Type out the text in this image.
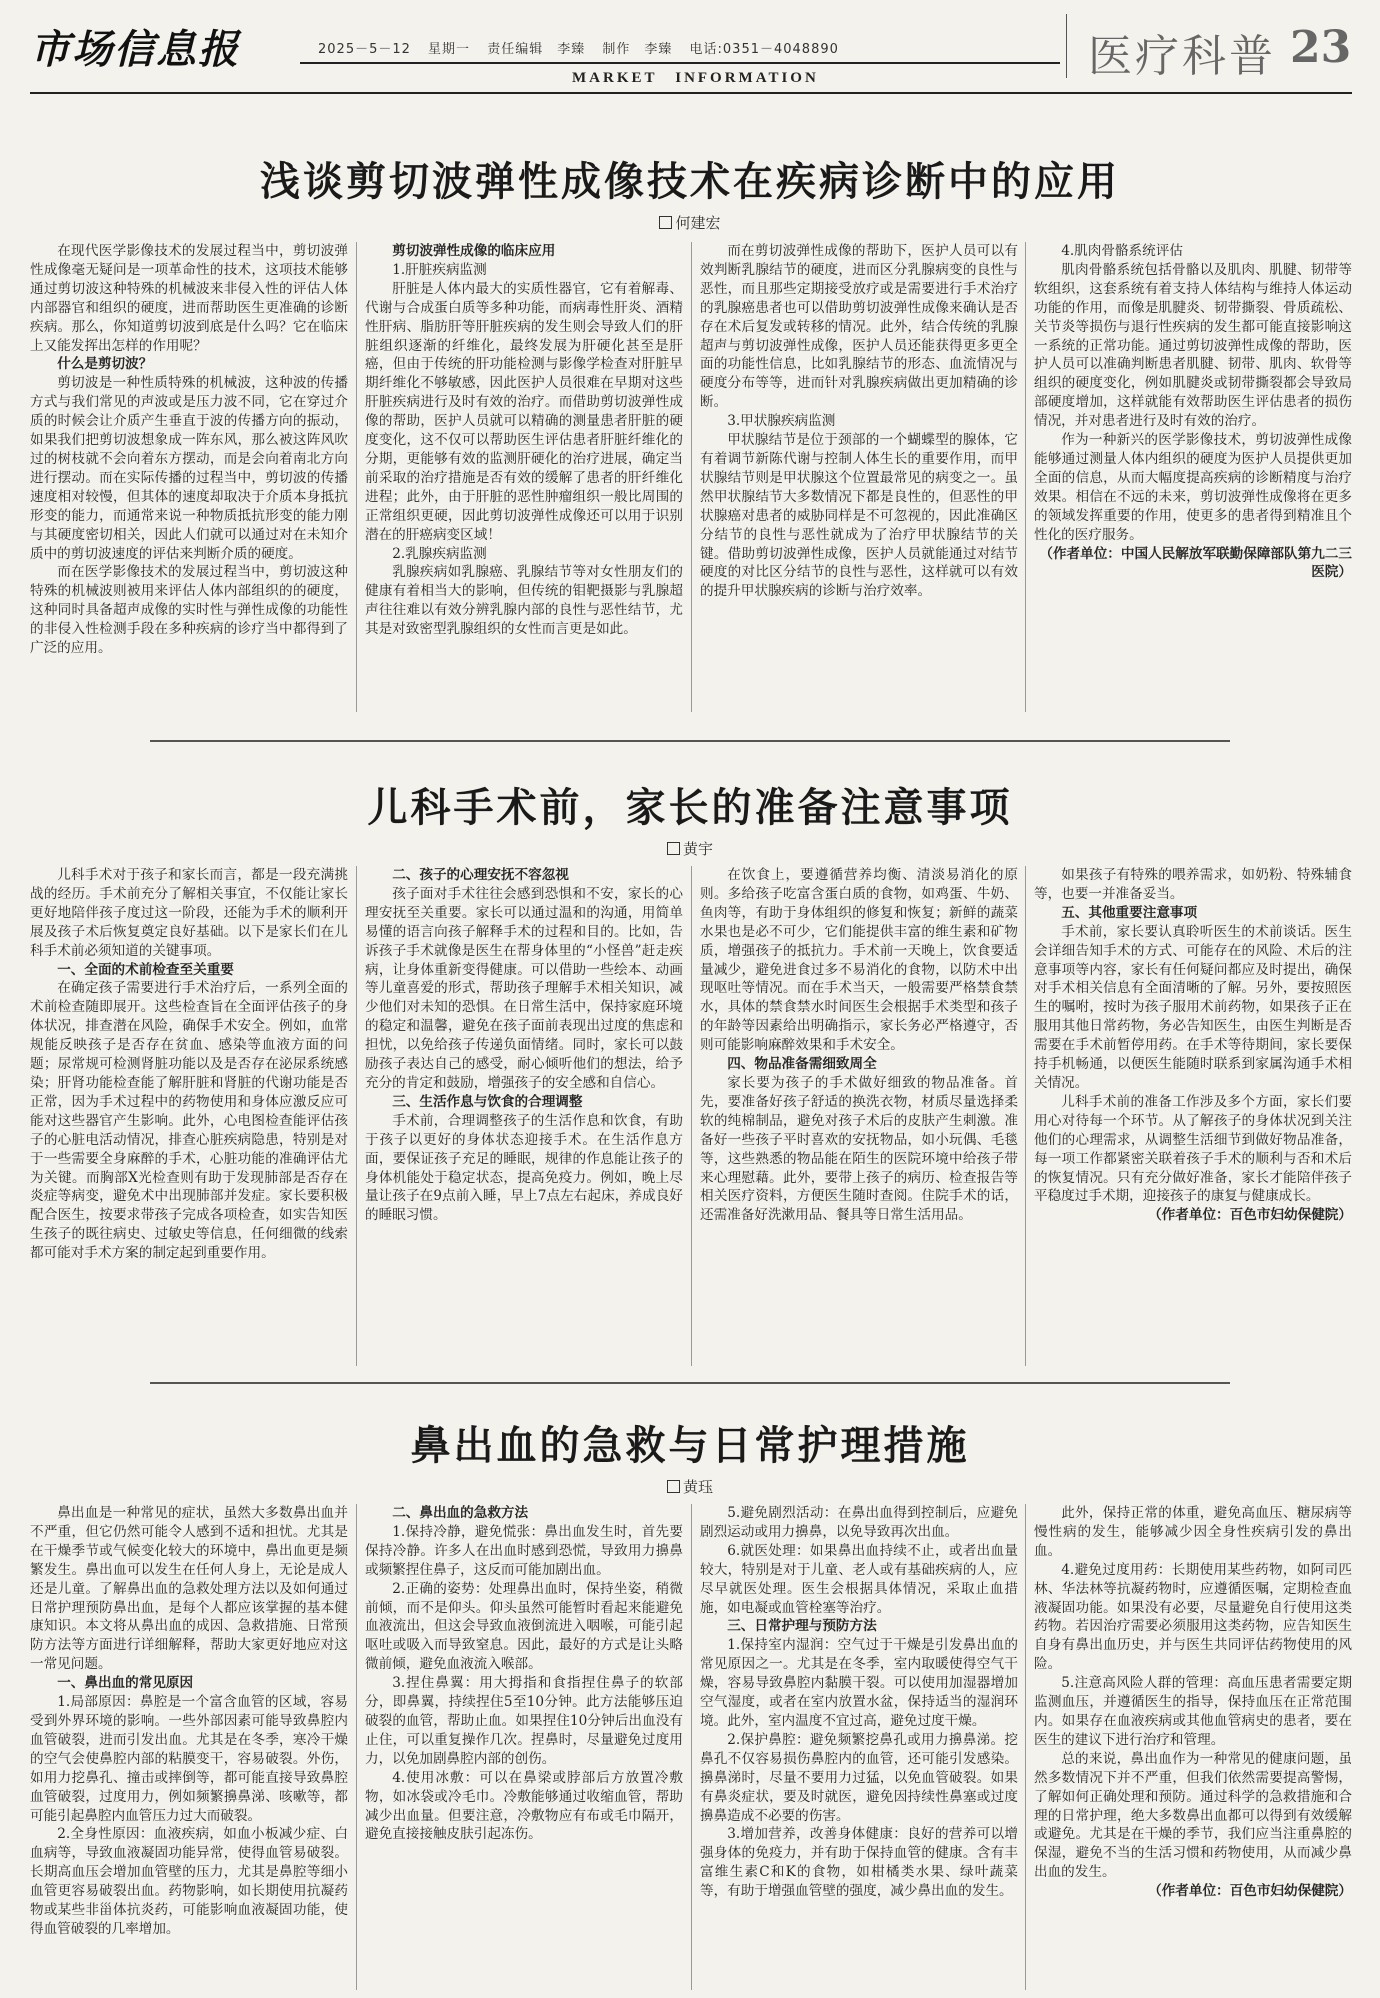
市场信息报	2025－5－12 星期一 责任编辑　李臻 制作　李臻 电话:0351－4048890
MARKET　INFORMATION	医疗科普 23
浅谈剪切波弹性成像技术在疾病诊断中的应用
何建宏

在现代医学影像技术的发展过程当中，剪切波弹性成像毫无疑问是一项革命性的技术，这项技术能够通过剪切波这种特殊的机械波来非侵入性的评估人体内部器官和组织的硬度，进而帮助医生更准确的诊断疾病。那么，你知道剪切波到底是什么吗？它在临床上又能发挥出怎样的作用呢？

什么是剪切波？

剪切波是一种性质特殊的机械波，这种波的传播方式与我们常见的声波或是压力波不同，它在穿过介质的时候会让介质产生垂直于波的传播方向的振动，如果我们把剪切波想象成一阵东风，那么被这阵风吹过的树枝就不会向着东方摆动，而是会向着南北方向进行摆动。而在实际传播的过程当中，剪切波的传播速度相对较慢，但其体的速度却取决于介质本身抵抗形变的能力，而通常来说一种物质抵抗形变的能力刚与其硬度密切相关，因此人们就可以通过对在未知介质中的剪切波速度的评估来判断介质的硬度。

而在医学影像技术的发展过程当中，剪切波这种特殊的机械波则被用来评估人体内部组织的的硬度，这种同时具备超声成像的实时性与弹性成像的功能性的非侵入性检测手段在多种疾病的诊疗当中都得到了广泛的应用。

剪切波弹性成像的临床应用

1.肝脏疾病监测

肝脏是人体内最大的实质性器官，它有着解毒、代谢与合成蛋白质等多种功能，而病毒性肝炎、酒精性肝病、脂肪肝等肝脏疾病的发生则会导致人们的肝脏组织逐渐的纤维化，最终发展为肝硬化甚至是肝癌，但由于传统的肝功能检测与影像学检查对肝脏早期纤维化不够敏感，因此医护人员很难在早期对这些肝脏疾病进行及时有效的治疗。而借助剪切波弹性成像的帮助，医护人员就可以精确的测量患者肝脏的硬度变化，这不仅可以帮助医生评估患者肝脏纤维化的分期，更能够有效的监测肝硬化的治疗进展，确定当前采取的治疗措施是否有效的缓解了患者的肝纤维化进程；此外，由于肝脏的恶性肿瘤组织一般比周围的正常组织更硬，因此剪切波弹性成像还可以用于识别潜在的肝癌病变区域！

2.乳腺疾病监测

乳腺疾病如乳腺癌、乳腺结节等对女性朋友们的健康有着相当大的影响，但传统的钼靶摄影与乳腺超声往往难以有效分辨乳腺内部的良性与恶性结节，尤其是对致密型乳腺组织的女性而言更是如此。

而在剪切波弹性成像的帮助下，医护人员可以有效判断乳腺结节的硬度，进而区分乳腺病变的良性与恶性，而且那些定期接受放疗或是需要进行手术治疗的乳腺癌患者也可以借助剪切波弹性成像来确认是否存在术后复发或转移的情况。此外，结合传统的乳腺超声与剪切波弹性成像，医护人员还能获得更多更全面的功能性信息，比如乳腺结节的形态、血流情况与硬度分布等等，进而针对乳腺疾病做出更加精确的诊断。

3.甲状腺疾病监测

甲状腺结节是位于颈部的一个蝴蝶型的腺体，它有着调节新陈代谢与控制人体生长的重要作用，而甲状腺结节则是甲状腺这个位置最常见的病变之一。虽然甲状腺结节大多数情况下都是良性的，但恶性的甲状腺癌对患者的威胁同样是不可忽视的，因此准确区分结节的良性与恶性就成为了治疗甲状腺结节的关键。借助剪切波弹性成像，医护人员就能通过对结节硬度的对比区分结节的良性与恶性，这样就可以有效的提升甲状腺疾病的诊断与治疗效率。

4.肌肉骨骼系统评估

肌肉骨骼系统包括骨骼以及肌肉、肌腱、韧带等软组织，这套系统有着支持人体结构与维持人体运动功能的作用，而像是肌腱炎、韧带撕裂、骨质疏松、关节炎等损伤与退行性疾病的发生都可能直接影响这一系统的正常功能。通过剪切波弹性成像的帮助，医护人员可以准确判断患者肌腱、韧带、肌肉、软骨等组织的硬度变化，例如肌腱炎或韧带撕裂都会导致局部硬度增加，这样就能有效帮助医生评估患者的损伤情况，并对患者进行及时有效的治疗。

作为一种新兴的医学影像技术，剪切波弹性成像能够通过测量人体内组织的硬度为医护人员提供更加全面的信息，从而大幅度提高疾病的诊断精度与治疗效果。相信在不远的未来，剪切波弹性成像将在更多的领域发挥重要的作用，使更多的患者得到精准且个性化的医疗服务。

（作者单位：中国人民解放军联勤保障部队第九二三医院）

儿科手术前，家长的准备注意事项
黄宇

儿科手术对于孩子和家长而言，都是一段充满挑战的经历。手术前充分了解相关事宜，不仅能让家长更好地陪伴孩子度过这一阶段，还能为手术的顺利开展及孩子术后恢复奠定良好基础。以下是家长们在儿科手术前必须知道的关键事项。

一、全面的术前检查至关重要

在确定孩子需要进行手术治疗后，一系列全面的术前检查随即展开。这些检查旨在全面评估孩子的身体状况，排查潜在风险，确保手术安全。例如，血常规能反映孩子是否存在贫血、感染等血液方面的问题；尿常规可检测肾脏功能以及是否存在泌尿系统感染；肝肾功能检查能了解肝脏和肾脏的代谢功能是否正常，因为手术过程中的药物使用和身体应激反应可能对这些器官产生影响。此外，心电图检查能评估孩子的心脏电活动情况，排查心脏疾病隐患，特别是对于一些需要全身麻醉的手术，心脏功能的准确评估尤为关键。而胸部X光检查则有助于发现肺部是否存在炎症等病变，避免术中出现肺部并发症。家长要积极配合医生，按要求带孩子完成各项检查，如实告知医生孩子的既往病史、过敏史等信息，任何细微的线索都可能对手术方案的制定起到重要作用。

二、孩子的心理安抚不容忽视

孩子面对手术往往会感到恐惧和不安，家长的心理安抚至关重要。家长可以通过温和的沟通，用简单易懂的语言向孩子解释手术的过程和目的。比如，告诉孩子手术就像是医生在帮身体里的“小怪兽”赶走疾病，让身体重新变得健康。可以借助一些绘本、动画等儿童喜爱的形式，帮助孩子理解手术相关知识，减少他们对未知的恐惧。在日常生活中，保持家庭环境的稳定和温馨，避免在孩子面前表现出过度的焦虑和担忧，以免给孩子传递负面情绪。同时，家长可以鼓励孩子表达自己的感受，耐心倾听他们的想法，给予充分的肯定和鼓励，增强孩子的安全感和自信心。

三、生活作息与饮食的合理调整

手术前，合理调整孩子的生活作息和饮食，有助于孩子以更好的身体状态迎接手术。在生活作息方面，要保证孩子充足的睡眠，规律的作息能让孩子的身体机能处于稳定状态，提高免疫力。例如，晚上尽量让孩子在9点前入睡，早上7点左右起床，养成良好的睡眠习惯。

在饮食上，要遵循营养均衡、清淡易消化的原则。多给孩子吃富含蛋白质的食物，如鸡蛋、牛奶、鱼肉等，有助于身体组织的修复和恢复；新鲜的蔬菜水果也是必不可少，它们能提供丰富的维生素和矿物质，增强孩子的抵抗力。手术前一天晚上，饮食要适量减少，避免进食过多不易消化的食物，以防术中出现呕吐等情况。而在手术当天，一般需要严格禁食禁水，具体的禁食禁水时间医生会根据手术类型和孩子的年龄等因素给出明确指示，家长务必严格遵守，否则可能影响麻醉效果和手术安全。

四、物品准备需细致周全

家长要为孩子的手术做好细致的物品准备。首先，要准备好孩子舒适的换洗衣物，材质尽量选择柔软的纯棉制品，避免对孩子术后的皮肤产生刺激。准备好一些孩子平时喜欢的安抚物品，如小玩偶、毛毯等，这些熟悉的物品能在陌生的医院环境中给孩子带来心理慰藉。此外，要带上孩子的病历、检查报告等相关医疗资料，方便医生随时查阅。住院手术的话，还需准备好洗漱用品、餐具等日常生活用品。

如果孩子有特殊的喂养需求，如奶粉、特殊辅食等，也要一并准备妥当。

五、其他重要注意事项

手术前，家长要认真聆听医生的术前谈话。医生会详细告知手术的方式、可能存在的风险、术后的注意事项等内容，家长有任何疑问都应及时提出，确保对手术相关信息有全面清晰的了解。另外，要按照医生的嘱咐，按时为孩子服用术前药物，如果孩子正在服用其他日常药物，务必告知医生，由医生判断是否需要在手术前暂停用药。在手术等待期间，家长要保持手机畅通，以便医生能随时联系到家属沟通手术相关情况。

儿科手术前的准备工作涉及多个方面，家长们要用心对待每一个环节。从了解孩子的身体状况到关注他们的心理需求，从调整生活细节到做好物品准备，每一项工作都紧密关联着孩子手术的顺利与否和术后的恢复情况。只有充分做好准备，家长才能陪伴孩子平稳度过手术期，迎接孩子的康复与健康成长。

（作者单位：百色市妇幼保健院）

鼻出血的急救与日常护理措施
黄珏

鼻出血是一种常见的症状，虽然大多数鼻出血并不严重，但它仍然可能令人感到不适和担忧。尤其是在干燥季节或气候变化较大的环境中，鼻出血更是频繁发生。鼻出血可以发生在任何人身上，无论是成人还是儿童。了解鼻出血的急救处理方法以及如何通过日常护理预防鼻出血，是每个人都应该掌握的基本健康知识。本文将从鼻出血的成因、急救措施、日常预防方法等方面进行详细解释，帮助大家更好地应对这一常见问题。

一、鼻出血的常见原因

1.局部原因：鼻腔是一个富含血管的区域，容易受到外界环境的影响。一些外部因素可能导致鼻腔内血管破裂，进而引发出血。尤其是在冬季，寒冷干燥的空气会使鼻腔内部的粘膜变干，容易破裂。外伤，如用力挖鼻孔、撞击或摔倒等，都可能直接导致鼻腔血管破裂，过度用力，例如频繁擤鼻涕、咳嗽等，都可能引起鼻腔内血管压力过大而破裂。

2.全身性原因：血液疾病，如血小板减少症、白血病等，导致血液凝固功能异常，使得血管易破裂。长期高血压会增加血管壁的压力，尤其是鼻腔等细小血管更容易破裂出血。药物影响，如长期使用抗凝药物或某些非甾体抗炎药，可能影响血液凝固功能，使得血管破裂的几率增加。

二、鼻出血的急救方法

1.保持冷静，避免慌张：鼻出血发生时，首先要保持冷静。许多人在出血时感到恐慌，导致用力擤鼻或频繁捏住鼻子，这反而可能加剧出血。

2.正确的姿势：处理鼻出血时，保持坐姿，稍微前倾，而不是仰头。仰头虽然可能暂时看起来能避免血液流出，但这会导致血液倒流进入咽喉，可能引起呕吐或吸入而导致窒息。因此，最好的方式是让头略微前倾，避免血液流入喉部。

3.捏住鼻翼：用大拇指和食指捏住鼻子的软部分，即鼻翼，持续捏住5至10分钟。此方法能够压迫破裂的血管，帮助止血。如果捏住10分钟后出血没有止住，可以重复操作几次。捏鼻时，尽量避免过度用力，以免加剧鼻腔内部的创伤。

4.使用冰敷：可以在鼻梁或脖部后方放置冷敷物，如冰袋或冷毛巾。冷敷能够通过收缩血管，帮助减少出血量。但要注意，冷敷物应有布或毛巾隔开，避免直接接触皮肤引起冻伤。

5.避免剧烈活动：在鼻出血得到控制后，应避免剧烈运动或用力擤鼻，以免导致再次出血。

6.就医处理：如果鼻出血持续不止，或者出血量较大，特别是对于儿童、老人或有基础疾病的人，应尽早就医处理。医生会根据具体情况，采取止血措施，如电凝或血管栓塞等治疗。

三、日常护理与预防方法

1.保持室内湿润：空气过于干燥是引发鼻出血的常见原因之一。尤其是在冬季，室内取暖使得空气干燥，容易导致鼻腔内黏膜干裂。可以使用加湿器增加空气湿度，或者在室内放置水盆，保持适当的湿润环境。此外，室内温度不宜过高，避免过度干燥。

2.保护鼻腔：避免频繁挖鼻孔或用力擤鼻涕。挖鼻孔不仅容易损伤鼻腔内的血管，还可能引发感染。擤鼻涕时，尽量不要用力过猛，以免血管破裂。如果有鼻炎症状，要及时就医，避免因持续性鼻塞或过度擤鼻造成不必要的伤害。

3.增加营养，改善身体健康：良好的营养可以增强身体的免疫力，并有助于保持血管的健康。含有丰富维生素C和K的食物，如柑橘类水果、绿叶蔬菜等，有助于增强血管壁的强度，减少鼻出血的发生。

此外，保持正常的体重，避免高血压、糖尿病等慢性病的发生，能够减少因全身性疾病引发的鼻出血。

4.避免过度用药：长期使用某些药物，如阿司匹林、华法林等抗凝药物时，应遵循医嘱，定期检查血液凝固功能。如果没有必要，尽量避免自行使用这类药物。若因治疗需要必须服用这类药物，应告知医生自身有鼻出血历史，并与医生共同评估药物使用的风险。

5.注意高风险人群的管理：高血压患者需要定期监测血压，并遵循医生的指导，保持血压在正常范围内。如果存在血液疾病或其他血管病史的患者，要在医生的建议下进行治疗和管理。

总的来说，鼻出血作为一种常见的健康问题，虽然多数情况下并不严重，但我们依然需要提高警惕，了解如何正确处理和预防。通过科学的急救措施和合理的日常护理，绝大多数鼻出血都可以得到有效缓解或避免。尤其是在干燥的季节，我们应当注重鼻腔的保湿，避免不当的生活习惯和药物使用，从而减少鼻出血的发生。

（作者单位：百色市妇幼保健院）
